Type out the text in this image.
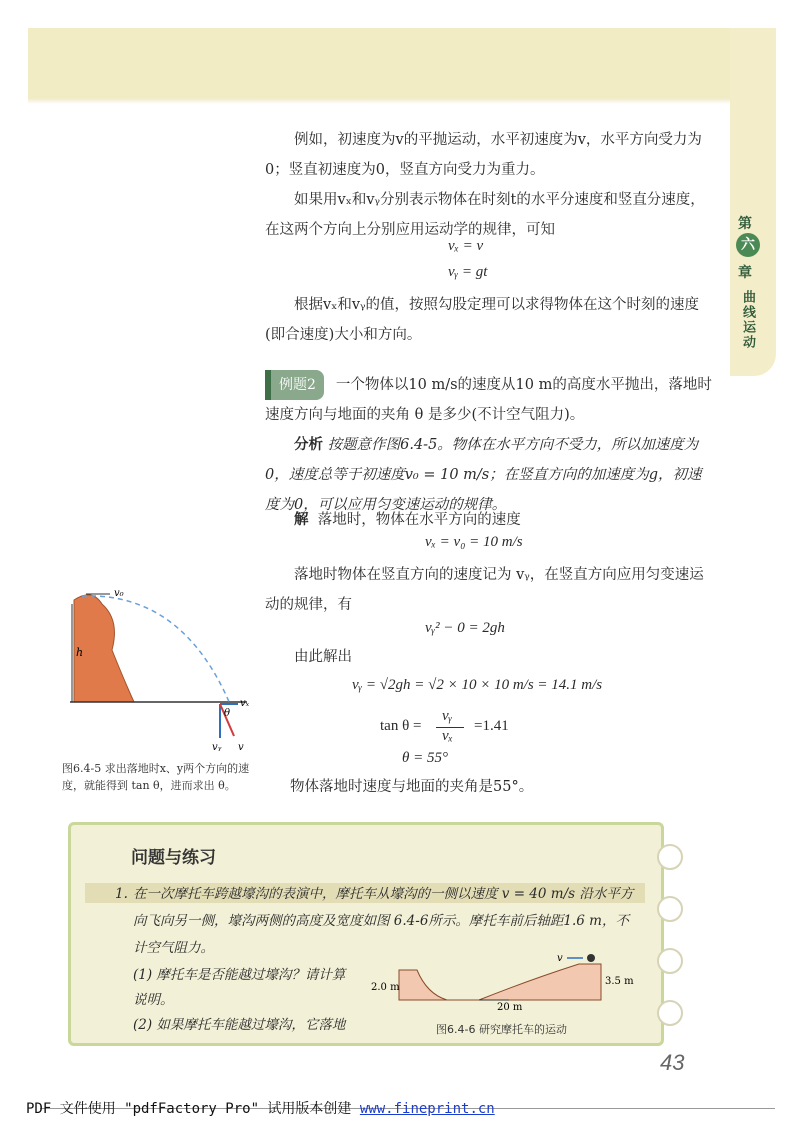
第
六
章
曲线运动
例如，初速度为v的平抛运动，水平初速度为v，水平方向受力为0；竖直初速度为0，竖直方向受力为重力。
如果用vₓ和vᵧ分别表示物体在时刻t的水平分速度和竖直分速度，在这两个方向上分别应用运动学的规律，可知
vₓ = v
vᵧ = gt
根据vₓ和vᵧ的值，按照勾股定理可以求得物体在这个时刻的速度(即合速度)大小和方向。
例题2 一个物体以10 m/s的速度从10 m的高度水平抛出，落地时速度方向与地面的夹角 θ 是多少(不计空气阻力)。
分析 按题意作图6.4-5。物体在水平方向不受力，所以加速度为0，速度总等于初速度v₀ = 10 m/s；在竖直方向的加速度为g，初速度为0，可以应用匀变速运动的规律。
解 落地时，物体在水平方向的速度
vₓ = v₀ = 10 m/s
落地时物体在竖直方向的速度记为 vᵧ，在竖直方向应用匀变速运动的规律，有
vᵧ² − 0 = 2gh
由此解出
vᵧ = √2gh = √2 × 10 × 10 m/s = 14.1 m/s
tan θ =
vᵧ
vₓ
=1.41
θ = 55°
物体落地时速度与地面的夹角是55°。
v₀
h
θ
vₓ
vᵧ v
图6.4-5 求出落地时x、y两个方向的速度，就能得到 tan θ，进而求出 θ。
问题与练习
1. 在一次摩托车跨越壕沟的表演中，摩托车从壕沟的一侧以速度 v = 40 m/s 沿水平方
向飞向另一侧，壕沟两侧的高度及宽度如图 6.4-6所示。摩托车前后轴距1.6 m，不
计空气阻力。
(1) 摩托车是否能越过壕沟？请计算
说明。
(2) 如果摩托车能越过壕沟，它落地
v
2.0 m
20 m
3.5 m
图6.4-6 研究摩托车的运动
43
PDF 文件使用 "pdfFactory Pro" 试用版本创建 www.fineprint.cn
